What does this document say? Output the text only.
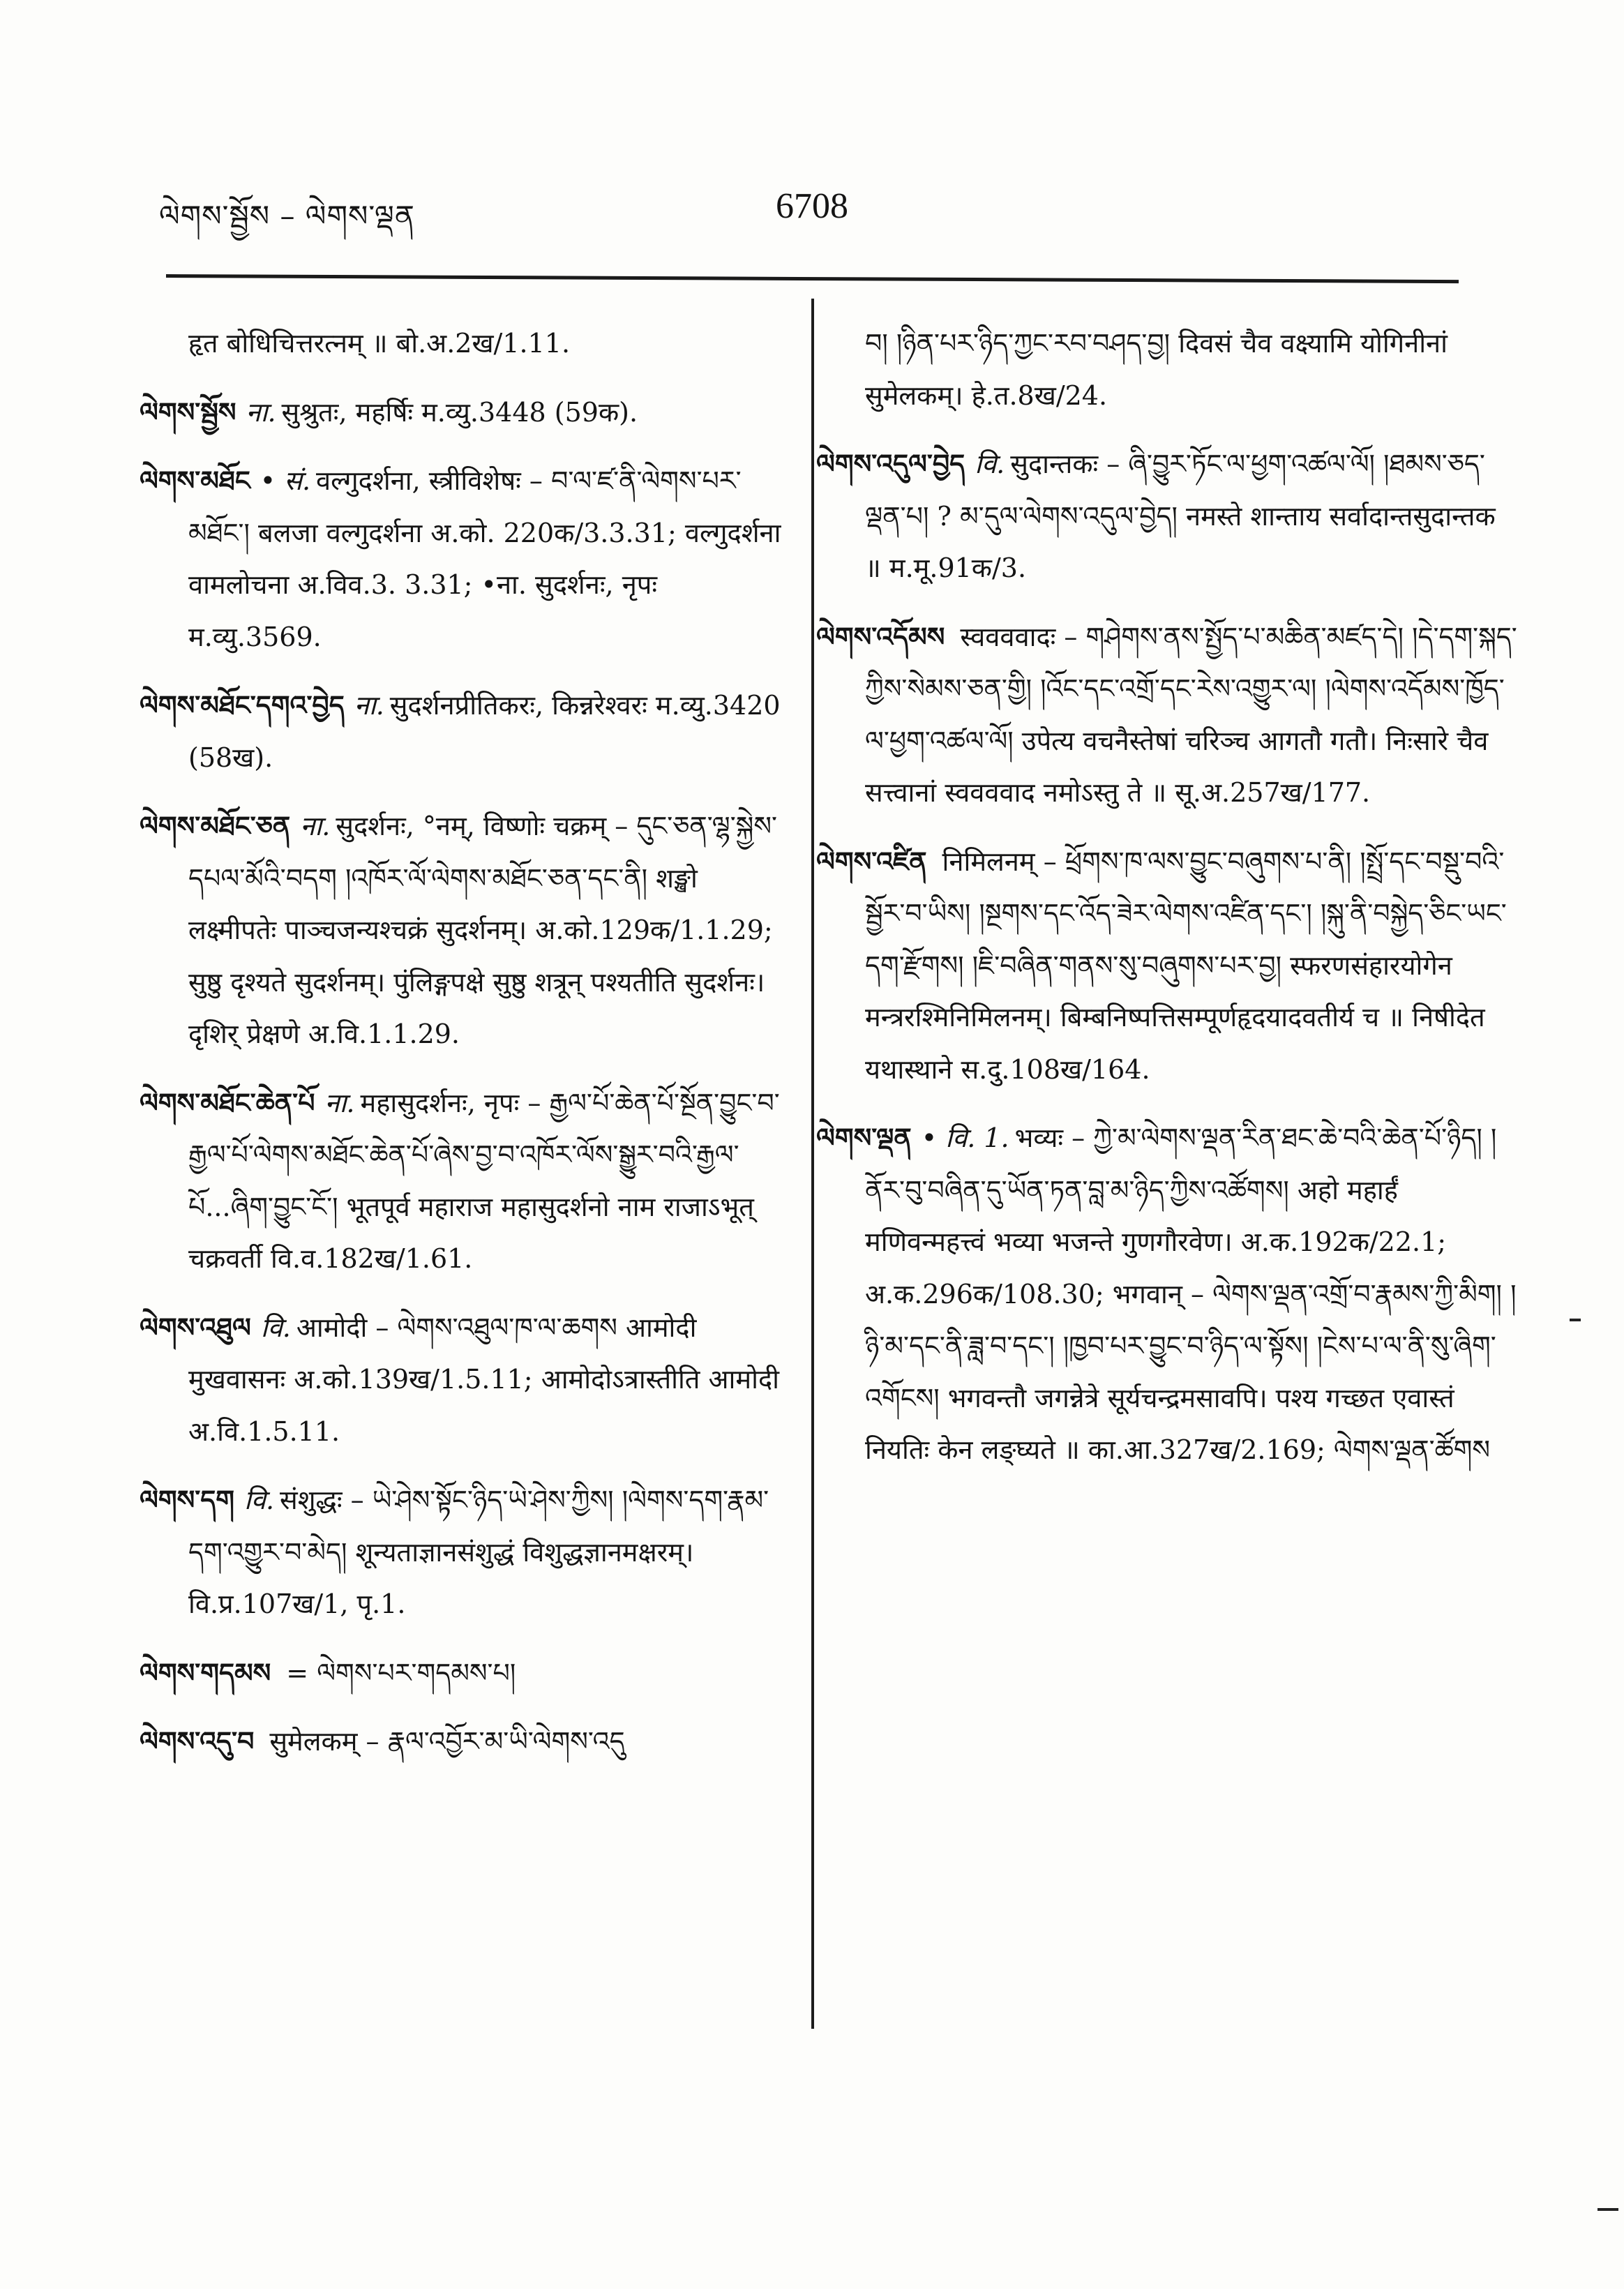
ལེགས་སྦྱོས – ལེགས་ལྡན	6708

हृत बोधिचित्तरत्नम् ॥ बो.अ.2ख/1.11.

ལེགས་སྦྱོས ना. सुश्रुतः, महर्षिः म.व्यु.3448 (59क).

ལེགས་མཐོང • सं. वल्गुदर्शना, स्त्रीविशेषः – བ་ལ་ཛ་ནི་ལེགས་པར་མཐོང༌། बलजा वल्गुदर्शना अ.को. 220क/3.3.31; वल्गुदर्शना वामलोचना अ.विव.3. 3.31; •ना. सुदर्शनः, नृपः म.व्यु.3569.

ལེགས་མཐོང་དགའ་བྱེད ना. सुदर्शनप्रीतिकरः, किन्नरेश्वरः म.व्यु.3420 (58ख).

ལེགས་མཐོང་ཅན ना. सुदर्शनः, °नम्, विष्णोः चक्रम् – དུང་ཅན་ལྷ་སྐྱེས་དཔལ་མོའི་བདག །འཁོར་ལོ་ལེགས་མཐོང་ཅན་དང་ནི། शङ्खो लक्ष्मीपतेः पाञ्चजन्यश्चक्रं सुदर्शनम्। अ.को.129क/1.1.29; सुष्ठु दृश्यते सुदर्शनम्। पुंलिङ्गपक्षे सुष्ठु शत्रून् पश्यतीति सुदर्शनः। दृशिर् प्रेक्षणे अ.वि.1.1.29.

ལེགས་མཐོང་ཆེན་པོ ना. महासुदर्शनः, नृपः – རྒྱལ་པོ་ཆེན་པོ་སྔོན་བྱུང་བ་རྒྱལ་པོ་ལེགས་མཐོང་ཆེན་པོ་ཞེས་བྱ་བ་འཁོར་ལོས་སྒྱུར་བའི་རྒྱལ་པོ...ཞིག་བྱུང་ངོ༌། भूतपूर्व महाराज महासुदर्शनो नाम राजाऽभूत् चक्रवर्ती वि.व.182ख/1.61.

ལེགས་འཐུལ वि. आमोदी – ལེགས་འཐུལ་ཁ་ལ་ཆགས आमोदी मुखवासनः अ.को.139ख/1.5.11; आमोदोऽत्रास्तीति आमोदी अ.वि.1.5.11.

ལེགས་དག वि. संशुद्धः – ཡེ་ཤེས་སྟོང་ཉིད་ཡེ་ཤེས་ཀྱིས། །ལེགས་དག་རྣམ་དག་འགྱུར་བ་མེད། शून्यताज्ञानसंशुद्धं विशुद्धज्ञानमक्षरम्। वि.प्र.107ख/1, पृ.1.

ལེགས་གདམས = ལེགས་པར་གདམས་པ།

ལེགས་འདུ་བ सुमेलकम् – རྣལ་འབྱོར་མ་ཡི་ལེགས་འདུ

བ། །ཉིན་པར་ཉིད་ཀྱང་རབ་བཤད་བྱ། दिवसं चैव वक्ष्यामि योगिनीनां सुमेलकम्। हे.त.8ख/24.

ལེགས་འདུལ་བྱེད वि. सुदान्तकः – ཞི་བྱུར་ཏོང་ལ་ཕྱག་འཚལ་ལོ། །ཐམས་ཅད་ལྡན་པ། ? མ་དུལ་ལེགས་འདུལ་བྱེད། नमस्ते शान्ताय सर्वादान्तसुदान्तक ॥ म.मू.91क/3.

ལེགས་འདོམས स्ववववादः – གཤེགས་ནས་སྤྱོད་པ་མཆིན་མཛད་དེ། །དེ་དག་སྐད་ཀྱིས་སེམས་ཅན་གྱི། །འོང་དང་འགྲོ་དང་རེས་འགྱུར་ལ། །ལེགས་འདོམས་ཁྱོད་ལ་ཕྱག་འཚལ་ལོ། उपेत्य वचनैस्तेषां चरिञ्च आगतौ गतौ। निःसारे चैव सत्त्वानां स्ववववाद नमोऽस्तु ते ॥ सू.अ.257ख/177.

ལེགས་འཛིན निमिलनम् – ཕྲོགས་ཁ་ལས་བྱུང་བཞུགས་པ་ནི། །སྤྲོ་དང་བསྡུ་བའི་སྦྱོར་བ་ཡིས། །སྔགས་དང་འོད་ཟེར་ལེགས་འཛིན་དང་། །སྐུ་ནི་བསྐྱེད་ཅིང་ཡང་དག་རྫོགས། །ཇི་བཞིན་གནས་སུ་བཞུགས་པར་བྱ། स्फरणसंहारयोगेन मन्त्ररश्मिनिमिलनम्। बिम्बनिष्पत्तिसम्पूर्णहृदयादवतीर्य च ॥ निषीदेत यथास्थाने स.दु.108ख/164.

ལེགས་ལྡན • वि. 1. भव्यः – ཀྱེ་མ་ལེགས་ལྡན་རིན་ཐང་ཆེ་བའི་ཆེན་པོ་ཉིད། །ནོར་བུ་བཞིན་དུ་ཡོན་ཏན་བླ་མ་ཉིད་ཀྱིས་འཚོགས། अहो महार्हं मणिवन्महत्त्वं भव्या भजन्ते गुणगौरवेण। अ.क.192क/22.1; अ.क.296क/108.30; भगवान् – ལེགས་ལྡན་འགྲོ་བ་རྣམས་ཀྱི་མིག། །ཉི་མ་དང་ནི་ཟླ་བ་དང་། །ཁྱབ་པར་བྱུང་བ་ཉིད་ལ་སྟོས། །ངེས་པ་ལ་ནི་སུ་ཞིག་འགོངས། भगवन्तौ जगन्नेत्रे सूर्यचन्द्रमसावपि। पश्य गच्छत एवास्तं नियतिः केन लङ्घ्यते ॥ का.आ.327ख/2.169; ལེགས་ལྡན་ཚོགས
